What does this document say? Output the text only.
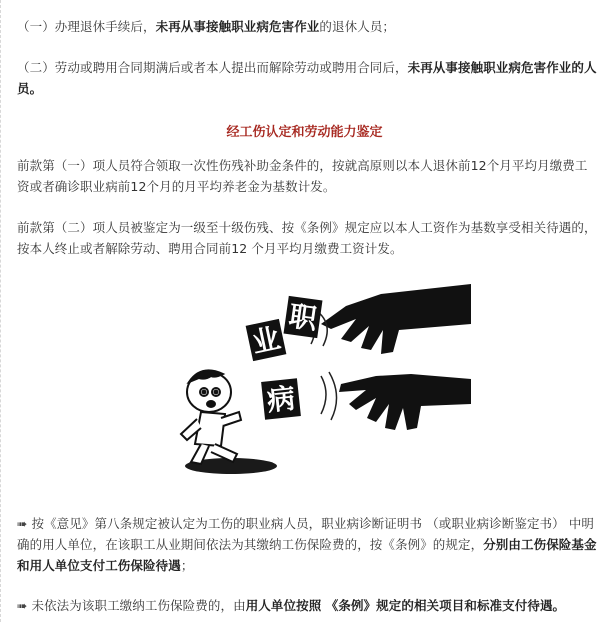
（一）办理退休手续后，未再从事接触职业病危害作业的退休人员；

（二）劳动或聘用合同期满后或者本人提出而解除劳动或聘用合同后，未再从事接触职业病危害作业的人员。

经工伤认定和劳动能力鉴定

前款第（一）项人员符合领取一次性伤残补助金条件的，按就高原则以本人退休前12个月平均月缴费工资或者确诊职业病前12个月的月平均养老金为基数计发。

前款第（二）项人员被鉴定为一级至十级伤残、按《条例》规定应以本人工资作为基数享受相关待遇的，按本人终止或者解除劳动、聘用合同前12 个月平均月缴费工资计发。

业
职
病

➠ 按《意见》第八条规定被认定为工伤的职业病人员，职业病诊断证明书 （或职业病诊断鉴定书） 中明确的用人单位，在该职工从业期间依法为其缴纳工伤保险费的，按《条例》的规定，分别由工伤保险基金和用人单位支付工伤保险待遇；

➠ 未依法为该职工缴纳工伤保险费的，由用人单位按照 《条例》规定的相关项目和标准支付待遇。
